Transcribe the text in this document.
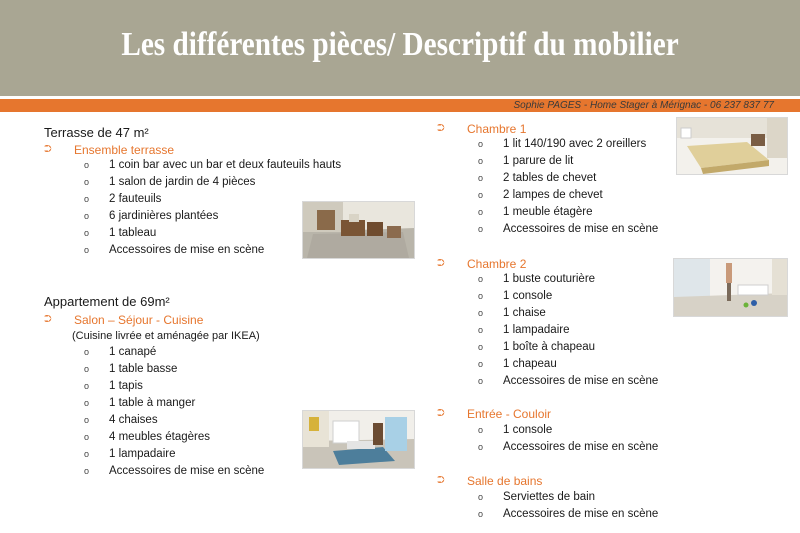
Les différentes pièces/ Descriptif du mobilier
Sophie PAGES - Home Stager à Mérignac - 06 237 837 77
Terrasse de 47 m²
⮊ Ensemble terrasse
o 1 coin bar avec un bar et deux fauteuils hauts
o 1 salon de jardin de 4 pièces
o 2 fauteuils
o 6 jardinières plantées
o 1 tableau
o Accessoires de mise en scène
Appartement de 69m²
⮊ Salon – Séjour - Cuisine
(Cuisine livrée et aménagée par IKEA)
o 1 canapé
o 1 table basse
o 1 tapis
o 1 table à manger
o 4 chaises
o 4 meubles étagères
o 1 lampadaire
o Accessoires de mise en scène
⮊ Chambre 1
o 1 lit 140/190 avec 2 oreillers
o 1 parure de lit
o 2 tables de chevet
o 2 lampes de chevet
o 1 meuble étagère
o Accessoires de mise en scène
⮊ Chambre 2
o 1 buste couturière
o 1 console
o 1 chaise
o 1 lampadaire
o 1 boîte à chapeau
o 1 chapeau
o Accessoires de mise en scène
⮊ Entrée - Couloir
o 1 console
o Accessoires de mise en scène
⮊ Salle de bains
o Serviettes de bain
o Accessoires de mise en scène
